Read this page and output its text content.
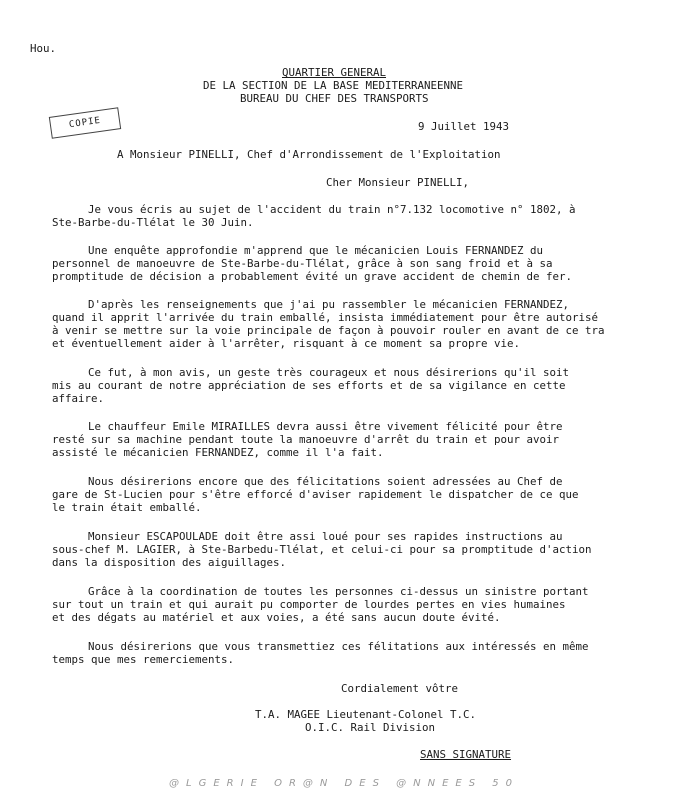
Hou.
QUARTIER GENERAL
DE LA SECTION DE LA BASE MEDITERRANEENNE
BUREAU DU CHEF DES TRANSPORTS
COPIE	9 Juillet 1943
A Monsieur PINELLI, Chef d'Arrondissement de l'Exploitation
Cher Monsieur PINELLI,
Je vous écris au sujet de l'accident du train n°7.132 locomotive n° 1802, à
Ste-Barbe-du-Tlélat le 30 Juin.
Une enquête approfondie m'apprend que le mécanicien Louis FERNANDEZ du
personnel de manoeuvre de Ste-Barbe-du-Tlélat, grâce à son sang froid et à sa
promptitude de décision a probablement évité un grave accident de chemin de fer.
D'après les renseignements que j'ai pu rassembler le mécanicien FERNANDEZ,
quand il apprit l'arrivée du train emballé, insista immédiatement pour être autorisé
à venir se mettre sur la voie principale de façon à pouvoir rouler en avant de ce tra
et éventuellement aider à l'arrêter, risquant à ce moment sa propre vie.
Ce fut, à mon avis, un geste très courageux et nous désirerions qu'il soit
mis au courant de notre appréciation de ses efforts et de sa vigilance en cette
affaire.
Le chauffeur Emile MIRAILLES devra aussi être vivement félicité pour être
resté sur sa machine pendant toute la manoeuvre d'arrêt du train et pour avoir
assisté le mécanicien FERNANDEZ, comme il l'a fait.
Nous désirerions encore que des félicitations soient adressées au Chef de
gare de St-Lucien pour s'être efforcé d'aviser rapidement le dispatcher de ce que
le train était emballé.
Monsieur ESCAPOULADE doit être assi loué pour ses rapides instructions au
sous-chef M. LAGIER, à Ste-Barbedu-Tlélat, et celui-ci pour sa promptitude d'action
dans la disposition des aiguillages.
Grâce à la coordination de toutes les personnes ci-dessus un sinistre portant
sur tout un train et qui aurait pu comporter de lourdes pertes en vies humaines
et des dégats au matériel et aux voies, a été sans aucun doute évité.
Nous désirerions que vous transmettiez ces félitations aux intéressés en même
temps que mes remerciements.
Cordialement vôtre
T.A. MAGEE Lieutenant-Colonel T.C.
O.I.C. Rail Division
SANS SIGNATURE
@LGERIE OR@N DES @NNEES 50
